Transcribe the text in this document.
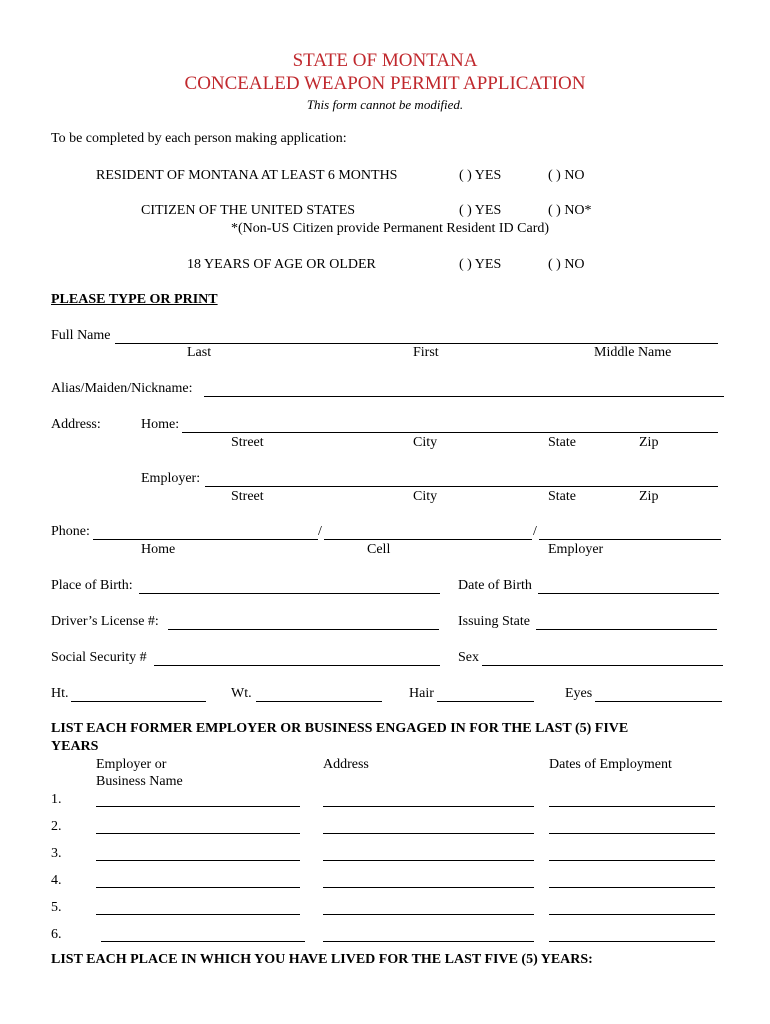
STATE OF MONTANA
CONCEALED WEAPON PERMIT APPLICATION
This form cannot be modified.
To be completed by each person making application:
RESIDENT OF MONTANA AT LEAST 6 MONTHS	( ) YES	( ) NO
CITIZEN OF THE UNITED STATES	( ) YES	( ) NO*
*(Non-US Citizen provide Permanent Resident ID Card)
18 YEARS OF AGE OR OLDER	( ) YES	( ) NO
PLEASE TYPE OR PRINT
Full Name
Last	First	Middle Name
Alias/Maiden/Nickname:
Address:	Home:
Street	City	State	Zip
Employer:
Street	City	State	Zip
Phone:	/	/
Home	Cell	Employer
Place of Birth:	Date of Birth
Driver’s License #:	Issuing State
Social Security #	Sex
Ht.	Wt.	Hair	Eyes
LIST EACH FORMER EMPLOYER OR BUSINESS ENGAGED IN FOR THE LAST (5) FIVE
YEARS
Employer or
Business Name
Address	Dates of Employment
1.
2.
3.
4.
5.
6.
LIST EACH PLACE IN WHICH YOU HAVE LIVED FOR THE LAST FIVE (5) YEARS:
